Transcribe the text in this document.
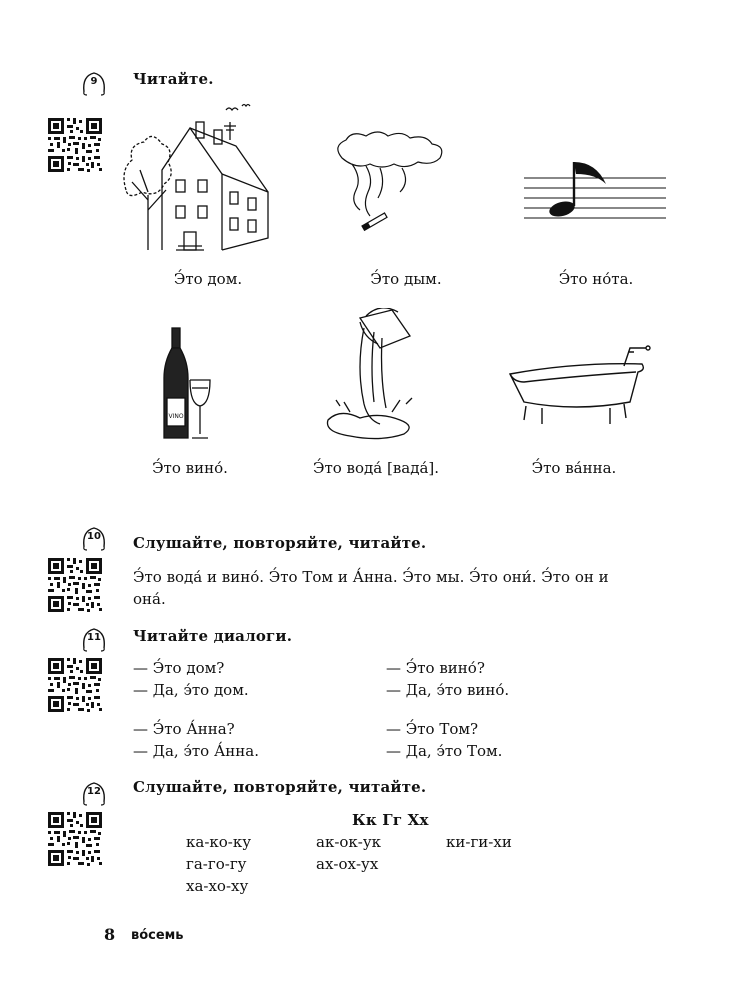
9	Читайте.
Э́то дом.	Э́то дым.	Э́то но́та.
VINO
Э́то вино́.	Э́то вода́ [вада́].	Э́то ва́нна.
10	Слушайте, повторяйте, читайте.
Э́то вода́ и вино́. Э́то Том и А́нна. Э́то мы. Э́то они́. Э́то он и
она́.
11	Читайте диалоги.
— Э́то дом?
— Да, э́то дом.
— Э́то вино́?
— Да, э́то вино́.
— Э́то А́нна?
— Да, э́то А́нна.
— Э́то Том?
— Да, э́то Том.
12	Слушайте, повторяйте, читайте.
Кк Гг Хх
ка-ко-ку	ак-ок-ук	ки-ги-хи
га-го-гу	ах-ох-ух
ха-хо-ху
8 во́семь
